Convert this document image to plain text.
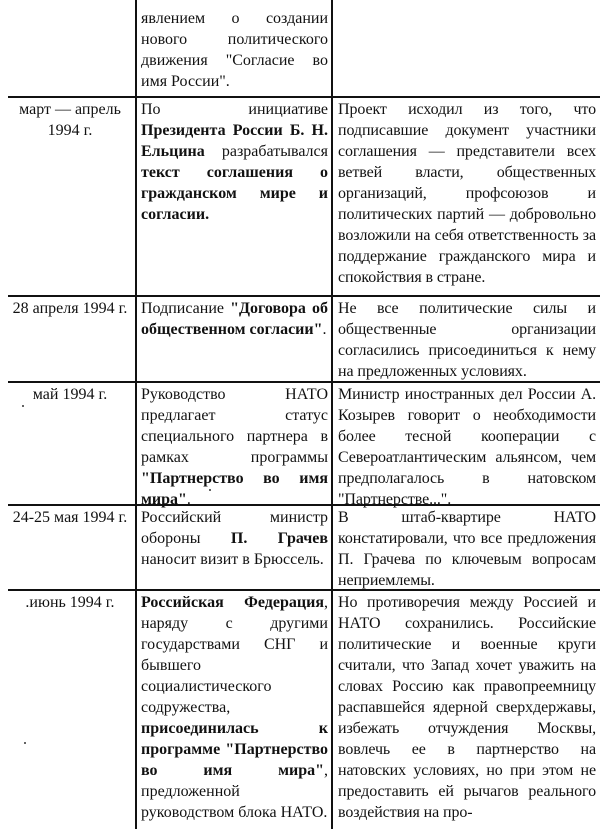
явлением о создании нового политического движения "Согласие во имя России".
март — апрель 1994 г.
По инициативе Президента России Б. Н. Ельцина разрабатывался текст соглашения о гражданском мире и согласии.
Проект исходил из того, что подписавшие документ участники соглашения — представители всех ветвей власти, общественных организаций, профсоюзов и политических партий — добровольно возложили на себя ответственность за поддержание гражданского мира и спокойствия в стране.
28 апреля 1994 г. Подписание "Договора об общественном согласии".
Не все политические силы и общественные организации согласились присоединиться к нему на предложенных условиях.
май 1994 г.	Руководство НАТО предлагает статус специального партнера в рамках программы "Партнерство во имя мира".
Министр иностранных дел России А. Козырев говорит о необходимости более тесной кооперации с Североатлантическим альянсом, чем предполагалось в натовском "Партнерстве...".
24-25 мая 1994 г. Российский министр обороны П. Грачев наносит визит в Брюссель.
В штаб-квартире НАТО констатировали, что все предложения П. Грачева по ключевым вопросам неприемлемы.
.июнь 1994 г.	Российская Федерация, наряду с другими государствами СНГ и бывшего социалистического содружества, присоединилась к программе "Партнерство во имя мира", предложенной руководством блока НАТО.
Но противоречия между Россией и НАТО сохранились. Российские политические и военные круги считали, что Запад хочет уважить на словах Россию как правопреемницу распавшейся ядерной сверхдержавы, избежать отчуждения Москвы, вовлечь ее в партнерство на натовских условиях, но при этом не предоставить ей рычагов реального воздействия на про-
